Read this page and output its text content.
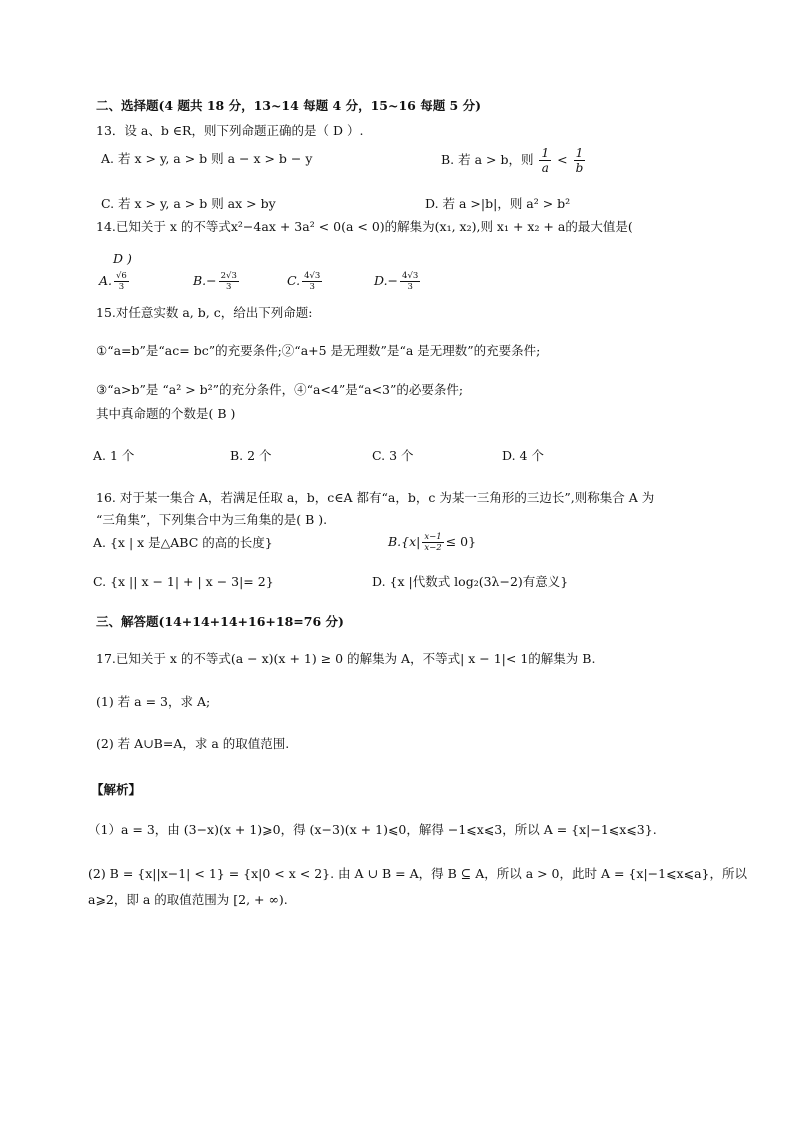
二、选择题(4 题共 18 分，13~14 每题 4 分，15~16 每题 5 分)
13．设 a、b ∈R，则下列命题正确的是（ D ）.
A. 若 x > y, a > b 则 a − x > b − y	B. 若 a > b，则 $\frac{1}{a} < \frac{1}{b}$
C. 若 x > y, a > b 则 ax > by	D. 若 a >|b|，则 a² > b²
14.已知关于 x 的不等式x²−4ax + 3a² < 0(a < 0)的解集为(x₁, x₂),则 x₁ + x₂ + a的最大值是(
D )
A. $\frac{√6}{3}$	$B.- \frac{2√3}{3}$	C. $\frac{4√3}{3}$	$D.- \frac{4√3}{3}$
15.对任意实数 a, b, c，给出下列命题:
①“a=b”是“ac= bc”的充要条件;②“a+5 是无理数”是“a 是无理数”的充要条件;
③“a>b”是 “a² > b²”的充分条件，④“a<4”是“a<3”的必要条件;
其中真命题的个数是( B )
A. 1 个	B. 2 个	C. 3 个	D. 4 个
16. 对于某一集合 A，若满足任取 a，b，c∈A 都有“a，b，c 为某一三角形的三边长”,则称集合 A 为
“三角集”，下列集合中为三角集的是( B ).
A. {x | x 是△ABC 的高的长度}	$B.\{x| \frac{x-1}{x-2} \le 0\}$
C. {x || x − 1| + | x − 3|= 2}	D. {x |代数式 log₂(3λ−2)有意义}
三、解答题(14+14+14+16+18=76 分)
17.已知关于 x 的不等式(a − x)(x + 1) ≥ 0 的解集为 A，不等式| x − 1|< 1的解集为 B.
(1) 若 a = 3，求 A;
(2) 若 A∪B=A，求 a 的取值范围.
【解析】
（1）a = 3，由 (3−x)(x + 1)⩾0，得 (x−3)(x + 1)⩽0，解得 −1⩽x⩽3，所以 A = {x|−1⩽x⩽3}.
(2) B = {x||x−1| < 1} = {x|0 < x < 2}. 由 A ∪ B = A，得 B ⊆ A，所以 a > 0，此时 A = {x|−1⩽x⩽a}，所以
a⩾2，即 a 的取值范围为 [2, + ∞).
